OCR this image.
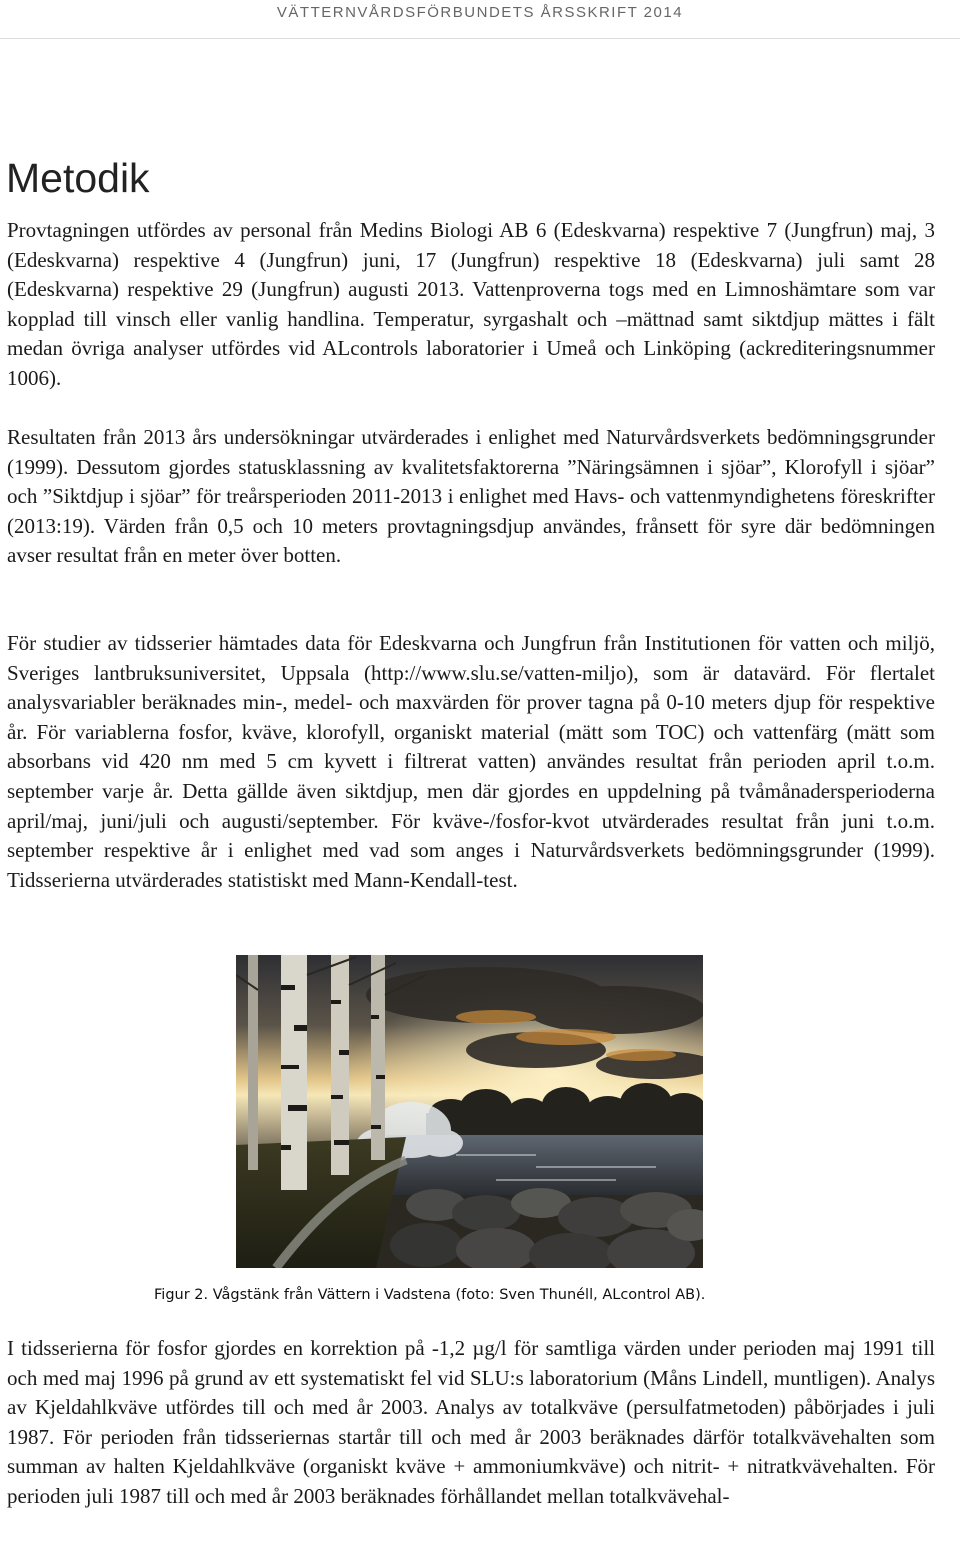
VÄTTERNVÅRDSFÖRBUNDETS ÅRSSKRIFT 2014
Metodik

Provtagningen utfördes av personal från Medins Biologi AB 6 (Edeskvarna) respektive 7 (Jungfrun) maj, 3 (Edeskvarna) respektive 4 (Jungfrun) juni, 17 (Jungfrun) respektive 18 (Edeskvarna) juli samt 28 (Edeskvarna) respektive 29 (Jungfrun) augusti 2013. Vattenproverna togs med en Limnoshämtare som var kopplad till vinsch eller vanlig handlina. Temperatur, syrgashalt och –mättnad samt siktdjup mättes i fält medan övriga analyser utfördes vid ALcontrols laboratorier i Umeå och Linköping (ackrediteringsnummer 1006).

Resultaten från 2013 års undersökningar utvärderades i enlighet med Naturvårdsverkets bedömningsgrunder (1999). Dessutom gjordes statusklassning av kvalitetsfaktorerna ”Näringsämnen i sjöar”, Klorofyll i sjöar” och ”Siktdjup i sjöar” för treårsperioden 2011-2013 i enlighet med Havs- och vattenmyndighetens föreskrifter (2013:19). Värden från 0,5 och 10 meters provtagningsdjup användes, frånsett för syre där bedömningen avser resultat från en meter över botten.

För studier av tidsserier hämtades data för Edeskvarna och Jungfrun från Institutionen för vatten och miljö, Sveriges lantbruksuniversitet, Uppsala (http://www.slu.se/vatten-miljo), som är datavärd. För flertalet analysvariabler beräknades min-, medel- och maxvärden för prover tagna på 0-10 meters djup för respektive år. För variablerna fosfor, kväve, klorofyll, organiskt material (mätt som TOC) och vattenfärg (mätt som absorbans vid 420 nm med 5 cm kyvett i filtrerat vatten) användes resultat från perioden april t.o.m. september varje år. Detta gällde även siktdjup, men där gjordes en uppdelning på tvåmånadersperioderna april/maj, juni/juli och augusti/september. För kväve-/fosfor-kvot utvärderades resultat från juni t.o.m. september respektive år i enlighet med vad som anges i Naturvårdsverkets bedömningsgrunder (1999). Tidsserierna utvärderades statistiskt med Mann-Kendall-test.

Figur 2. Vågstänk från Vättern i Vadstena (foto: Sven Thunéll, ALcontrol AB).

I tidsserierna för fosfor gjordes en korrektion på -1,2 µg/l för samtliga värden under perioden maj 1991 till och med maj 1996 på grund av ett systematiskt fel vid SLU:s laboratorium (Måns Lindell, muntligen). Analys av Kjeldahlkväve utfördes till och med år 2003. Analys av totalkväve (persulfatmetoden) påbörjades i juli 1987. För perioden från tidsseriernas startår till och med år 2003 beräknades därför totalkvävehalten som summan av halten Kjeldahlkväve (organiskt kväve + ammoniumkväve) och nitrit- + nitratkvävehalten. För perioden juli 1987 till och med år 2003 beräknades förhållandet mellan totalkvävehal-
